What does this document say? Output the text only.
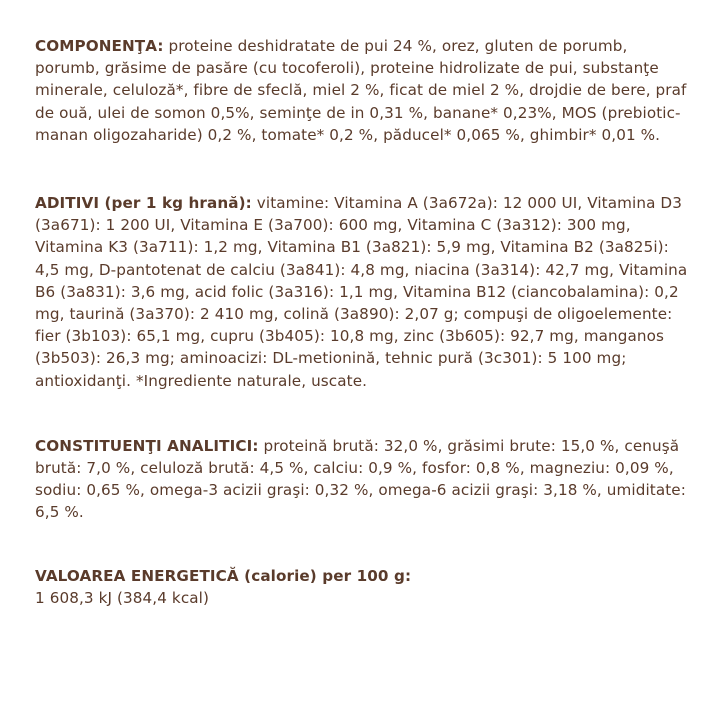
COMPONENŢA: proteine deshidratate de pui 24 %, orez, gluten de porumb, porumb, grăsime de pasăre (cu tocoferoli), proteine hidrolizate de pui, substanţe minerale, celuloză*, fibre de sfeclă, miel 2 %, ficat de miel 2 %, drojdie de bere, praf de ouă, ulei de somon 0,5%, seminţe de in 0,31 %, banane* 0,23%, MOS (prebiotic- manan oligozaharide) 0,2 %, tomate* 0,2 %, păducel* 0,065 %, ghimbir* 0,01 %.

ADITIVI (per 1 kg hrană): vitamine: Vitamina A (3a672a): 12 000 UI, Vitamina D3 (3a671): 1 200 UI, Vitamina E (3a700): 600 mg, Vitamina C (3a312): 300 mg, Vitamina K3 (3a711): 1,2 mg, Vitamina B1 (3a821): 5,9 mg, Vitamina B2 (3a825i): 4,5 mg, D-pantotenat de calciu (3a841): 4,8 mg, niacina (3a314): 42,7 mg, Vitamina B6 (3a831): 3,6 mg, acid folic (3a316): 1,1 mg, Vitamina B12 (ciancobalamina): 0,2 mg, taurină (3a370): 2 410 mg, colină (3a890): 2,07 g; compuşi de oligoelemente: fier (3b103): 65,1 mg, cupru (3b405): 10,8 mg, zinc (3b605): 92,7 mg, manganos (3b503): 26,3 mg; aminoacizi: DL-metionină, tehnic pură (3c301): 5 100 mg; antioxidanţi. *Ingrediente naturale, uscate.

CONSTITUENŢI ANALITICI: proteină brută: 32,0 %, grăsimi brute: 15,0 %, cenuşă brută: 7,0 %, celuloză brută: 4,5 %, calciu: 0,9 %, fosfor: 0,8 %, magneziu: 0,09 %, sodiu: 0,65 %, omega-3 acizii graşi: 0,32 %, omega-6 acizii graşi: 3,18 %, umiditate: 6,5 %.

VALOAREA ENERGETICĂ (calorie) per 100 g:
1 608,3 kJ (384,4 kcal)
